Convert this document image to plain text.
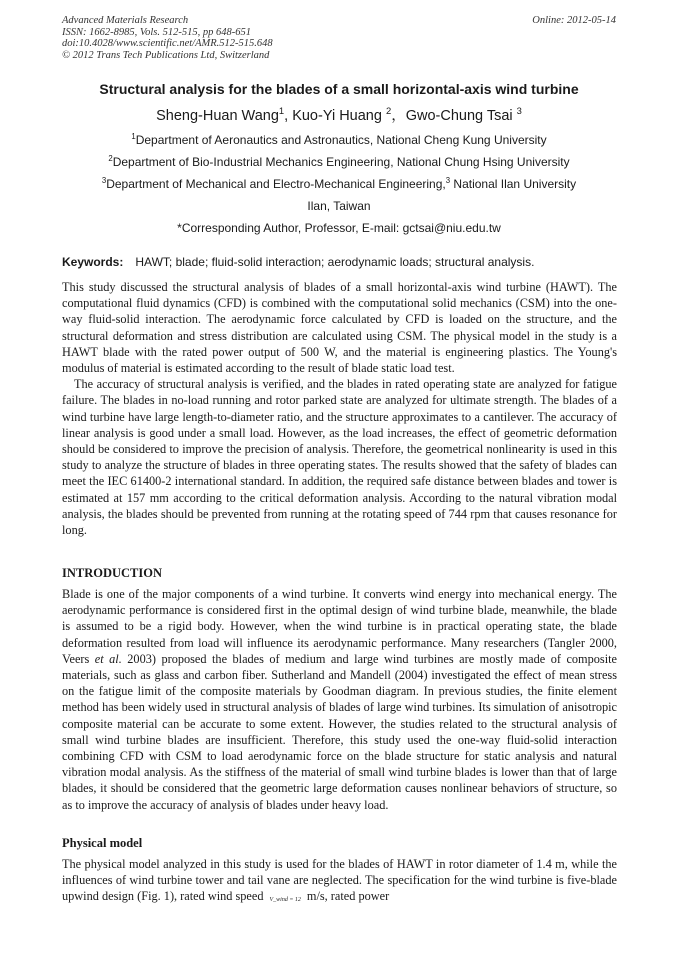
Advanced Materials Research
ISSN: 1662-8985, Vols. 512-515, pp 648-651
doi:10.4028/www.scientific.net/AMR.512-515.648
© 2012 Trans Tech Publications Ltd, Switzerland
Online: 2012-05-14
Structural analysis for the blades of a small horizontal-axis wind turbine
Sheng-Huan Wang$^1$, Kuo-Yi Huang $^2$，Gwo-Chung Tsai $^3$
$^1$Department of Aeronautics and Astronautics, National Cheng Kung University
$^2$Department of Bio-Industrial Mechanics Engineering, National Chung Hsing University
$^3$Department of Mechanical and Electro-Mechanical Engineering,$^3$ National Ilan University
Ilan, Taiwan
*Corresponding Author, Professor, E-mail: gctsai@niu.edu.tw
Keywords: HAWT; blade; fluid-solid interaction; aerodynamic loads; structural analysis.

This study discussed the structural analysis of blades of a small horizontal-axis wind turbine (HAWT). The computational fluid dynamics (CFD) is combined with the computational solid mechanics (CSM) into the one-way fluid-solid interaction. The aerodynamic force calculated by CFD is loaded on the structure, and the structural deformation and stress distribution are calculated using CSM. The physical model in the study is a HAWT blade with the rated power output of 500 W, and the material is engineering plastics. The Young's modulus of material is estimated according to the result of blade static load test.

The accuracy of structural analysis is verified, and the blades in rated operating state are analyzed for fatigue failure. The blades in no-load running and rotor parked state are analyzed for ultimate strength. The blades of a wind turbine have large length-to-diameter ratio, and the structure approximates to a cantilever. The accuracy of linear analysis is good under a small load. However, as the load increases, the effect of geometric deformation should be considered to improve the precision of analysis. Therefore, the geometrical nonlinearity is used in this study to analyze the structure of blades in three operating states. The results showed that the safety of blades can meet the IEC 61400-2 international standard. In addition, the required safe distance between blades and tower is estimated at 157 mm according to the critical deformation analysis. According to the natural vibration modal analysis, the blades should be prevented from running at the rotating speed of 744 rpm that causes resonance for long.

INTRODUCTION

Blade is one of the major components of a wind turbine. It converts wind energy into mechanical energy. The aerodynamic performance is considered first in the optimal design of wind turbine blade, meanwhile, the blade is assumed to be a rigid body. However, when the wind turbine is in practical operating state, the blade deformation resulted from load will influence its aerodynamic performance. Many researchers (Tangler 2000, Veers et al. 2003) proposed the blades of medium and large wind turbines are mostly made of composite materials, such as glass and carbon fiber. Sutherland and Mandell (2004) investigated the effect of mean stress on the fatigue limit of the composite materials by Goodman diagram. In previous studies, the finite element method has been widely used in structural analysis of blades of large wind turbines. Its simulation of anisotropic composite material can be accurate to some extent. However, the studies related to the structural analysis of small wind turbine blades are insufficient. Therefore, this study used the one-way fluid-solid interaction combining CFD with CSM to load aerodynamic force on the blade structure for static analysis and natural vibration modal analysis. As the stiffness of the material of small wind turbine blades is lower than that of large blades, it should be considered that the geometric large deformation causes nonlinear behaviors of structure, so as to improve the accuracy of analysis of blades under heavy load.

Physical model

The physical model analyzed in this study is used for the blades of HAWT in rotor diameter of 1.4 m, while the influences of wind turbine tower and tail vane are neglected. The specification for the wind turbine is five-blade upwind design (Fig. 1), rated wind speed V_wind = 12 m/s, rated power
